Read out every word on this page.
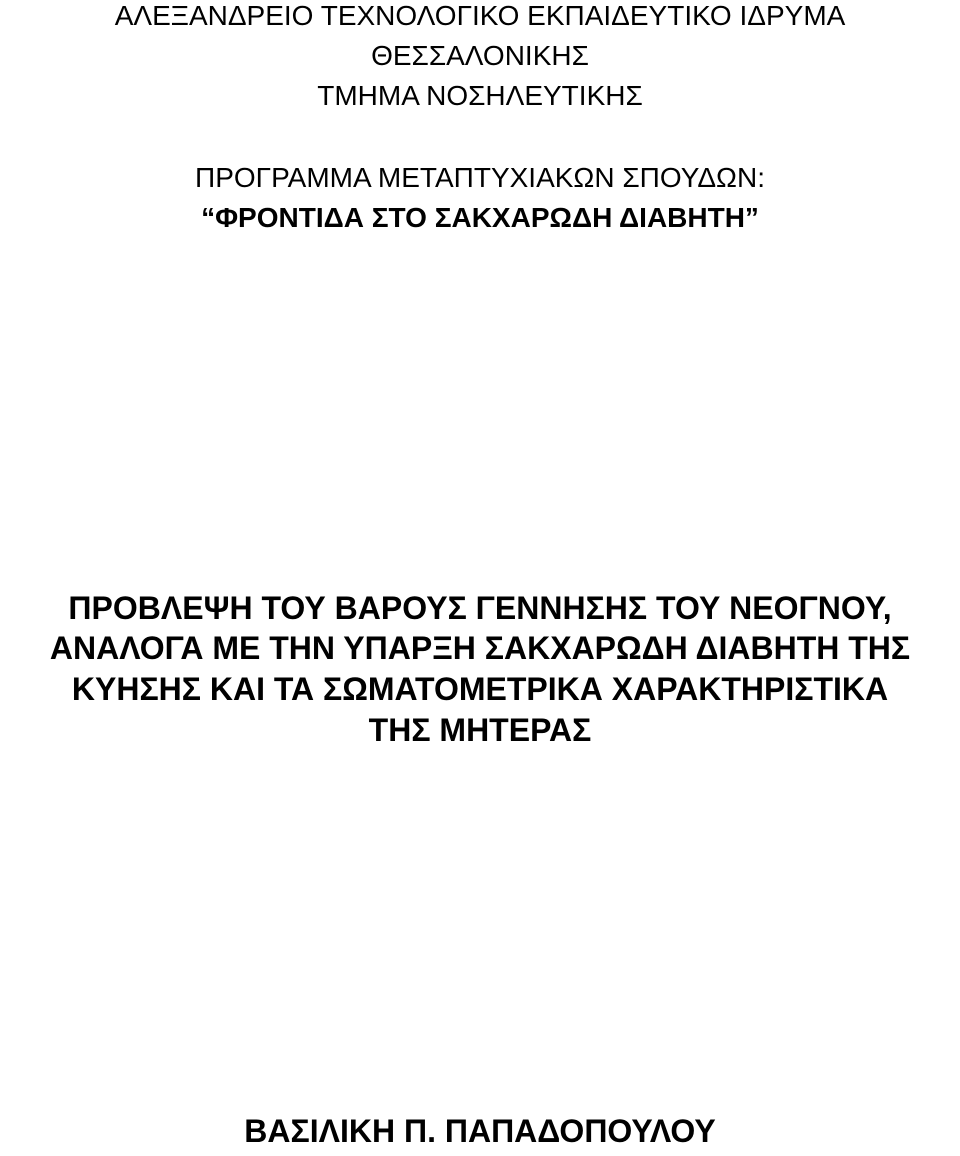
ΑΛΕΞΑΝΔΡΕΙΟ ΤΕΧΝΟΛΟΓΙΚΟ ΕΚΠΑΙΔΕΥΤΙΚΟ ΙΔΡΥΜΑ
ΘΕΣΣΑΛΟΝΙΚΗΣ
ΤΜΗΜΑ ΝΟΣΗΛΕΥΤΙΚΗΣ
ΠΡΟΓΡΑΜΜΑ ΜΕΤΑΠΤΥΧΙΑΚΩΝ ΣΠΟΥΔΩΝ:
“ΦΡΟΝΤΙΔΑ ΣΤΟ ΣΑΚΧΑΡΩΔΗ ΔΙΑΒΗΤΗ”
ΠΡΟΒΛΕΨΗ ΤΟΥ ΒΑΡΟΥΣ ΓΕΝΝΗΣΗΣ ΤΟΥ ΝΕΟΓΝΟΥ,
ΑΝΑΛΟΓΑ ΜΕ ΤΗΝ ΥΠΑΡΞΗ ΣΑΚΧΑΡΩΔΗ ΔΙΑΒΗΤΗ ΤΗΣ
ΚΥΗΣΗΣ ΚΑΙ ΤΑ ΣΩΜΑΤΟΜΕΤΡΙΚΑ ΧΑΡΑΚΤΗΡΙΣΤΙΚΑ
ΤΗΣ ΜΗΤΕΡΑΣ
ΒΑΣΙΛΙΚΗ Π. ΠΑΠΑΔΟΠΟΥΛΟΥ
